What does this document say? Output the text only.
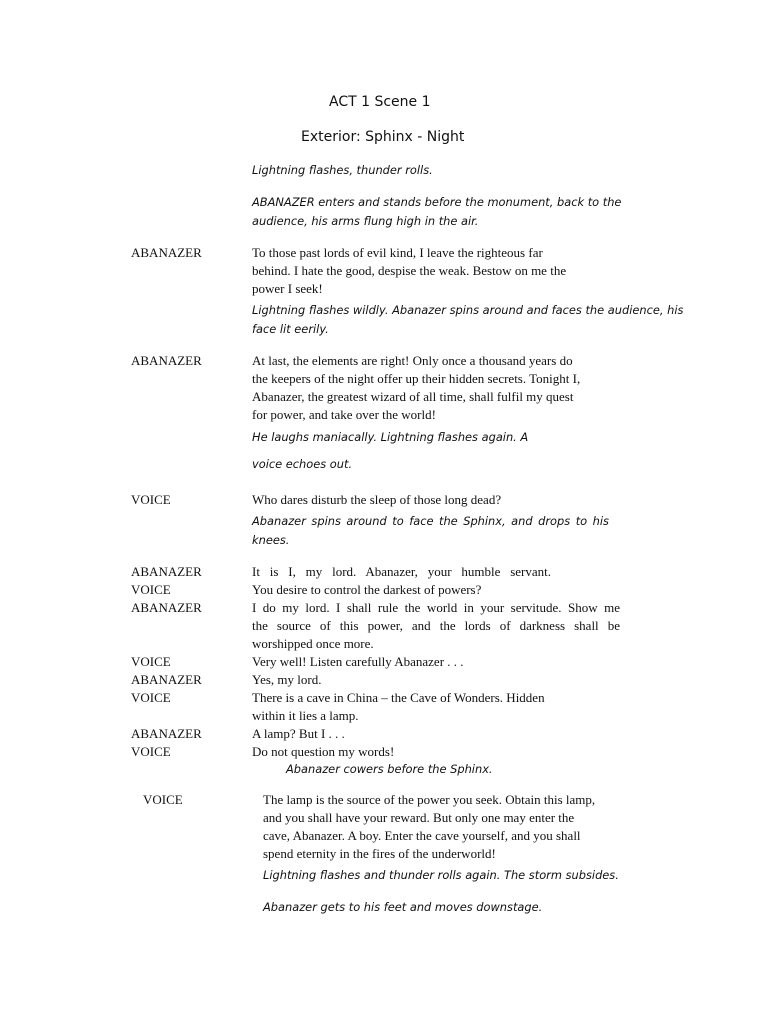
ACT 1 Scene 1
Exterior: Sphinx - Night
Lightning flashes, thunder rolls.
ABANAZER enters and stands before the monument, back to the
audience, his arms flung high in the air.
ABANAZER	To those past lords of evil kind, I leave the righteous far
behind. I hate the good, despise the weak. Bestow on me the
power I seek!
Lightning flashes wildly. Abanazer spins around and faces the audience, his
face lit eerily.
ABANAZER	At last, the elements are right! Only once a thousand years do
the keepers of the night offer up their hidden secrets. Tonight I,
Abanazer, the greatest wizard of all time, shall fulfil my quest
for power, and take over the world!
He laughs maniacally. Lightning flashes again. A
voice echoes out.
VOICE	Who dares disturb the sleep of those long dead?
Abanazer spins around to face the Sphinx, and drops to his
knees.
ABANAZER	It is I, my lord. Abanazer, your humble servant.
VOICE	You desire to control the darkest of powers?
ABANAZER	I do my lord. I shall rule the world in your servitude. Show me
the source of this power, and the lords of darkness shall be
worshipped once more.
VOICE	Very well! Listen carefully Abanazer . . .
ABANAZER	Yes, my lord.
VOICE	There is a cave in China – the Cave of Wonders. Hidden
within it lies a lamp.
ABANAZER	A lamp? But I . . .
VOICE	Do not question my words!
Abanazer cowers before the Sphinx.
VOICE	The lamp is the source of the power you seek. Obtain this lamp,
and you shall have your reward. But only one may enter the
cave, Abanazer. A boy. Enter the cave yourself, and you shall
spend eternity in the fires of the underworld!
Lightning flashes and thunder rolls again. The storm subsides.
Abanazer gets to his feet and moves downstage.
